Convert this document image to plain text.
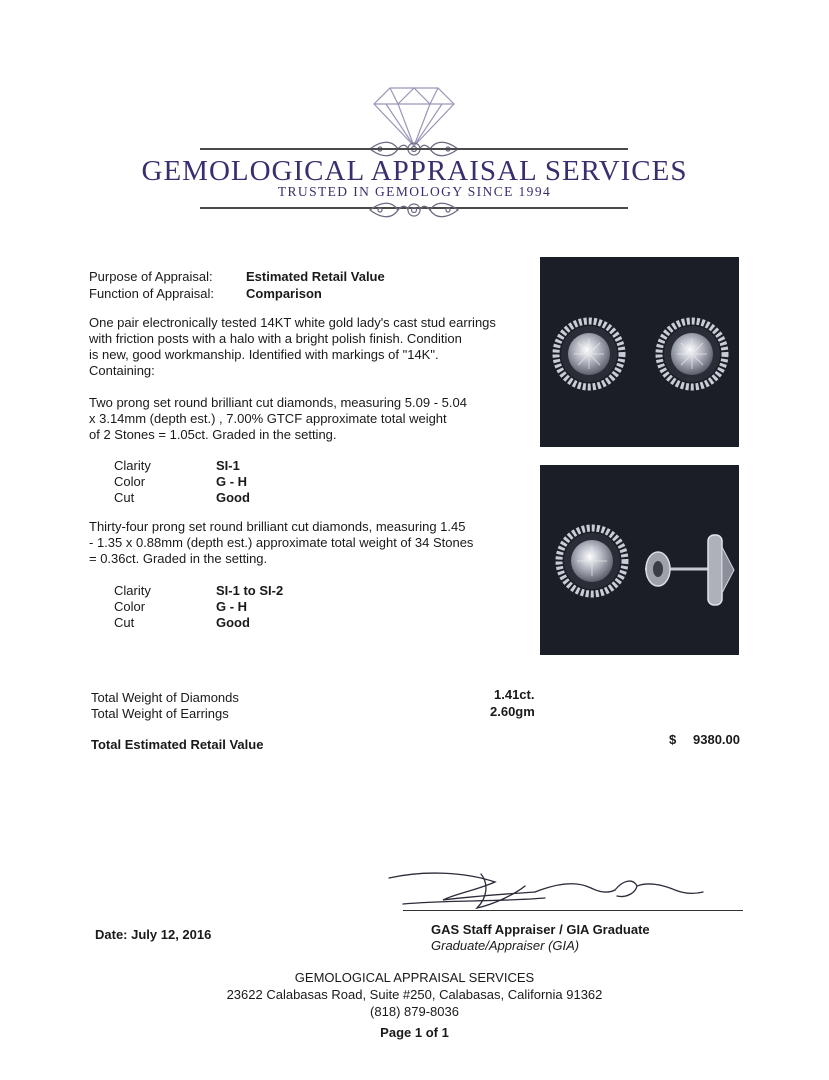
GEMOLOGICAL APPRAISAL SERVICES
TRUSTED IN GEMOLOGY SINCE 1994
Purpose of Appraisal:	Estimated Retail Value
Function of Appraisal:	Comparison
One pair electronically tested 14KT white gold lady's cast stud earrings
with friction posts with a halo with a bright polish finish. Condition
is new, good workmanship. Identified with markings of "14K".
Containing:
Two prong set round brilliant cut diamonds, measuring 5.09 - 5.04
x 3.14mm (depth est.) , 7.00% GTCF approximate total weight
of 2 Stones = 1.05ct. Graded in the setting.
Clarity	SI-1
Color	G - H
Cut	Good
Thirty-four prong set round brilliant cut diamonds, measuring 1.45
- 1.35 x 0.88mm (depth est.) approximate total weight of 34 Stones
= 0.36ct. Graded in the setting.
Clarity	SI-1 to SI-2
Color	G - H
Cut	Good
Total Weight of Diamonds	1.41ct.
Total Weight of Earrings	2.60gm
Total Estimated Retail Value	$ 9380.00
GAS Staff Appraiser / GIA Graduate
Graduate/Appraiser (GIA)
Date: July 12, 2016
GEMOLOGICAL APPRAISAL SERVICES
23622 Calabasas Road, Suite #250, Calabasas, California 91362
(818) 879-8036
Page 1 of 1
